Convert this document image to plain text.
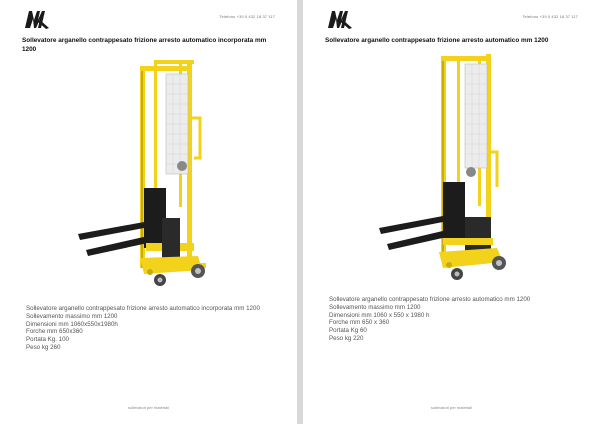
Telefono +39 0 432 18 37 117
Sollevatore arganello contrappesato frizione arresto automatico incorporata mm 1200
Sollevatore arganello contrappesato frizione arresto automatico incorporata mm 1200
Sollevamento massimo mm 1200
Dimensioni mm 1060x550x1980h
Forche mm 650x360
Portata Kg. 100
Peso kg 260
sollevatori per materiali
Telefono +39 0 432 18 37 117
Sollevatore arganello contrappesato frizione arresto automatico mm 1200
Sollevatore arganello contrappesato frizione arresto automatico mm 1200
Sollevamento massimo mm 1200
Dimensioni mm 1060 x 550 x 1980 h
Forche mm 650 x 360
Portata Kg 60
Peso kg 220
sollevatori per materiali
